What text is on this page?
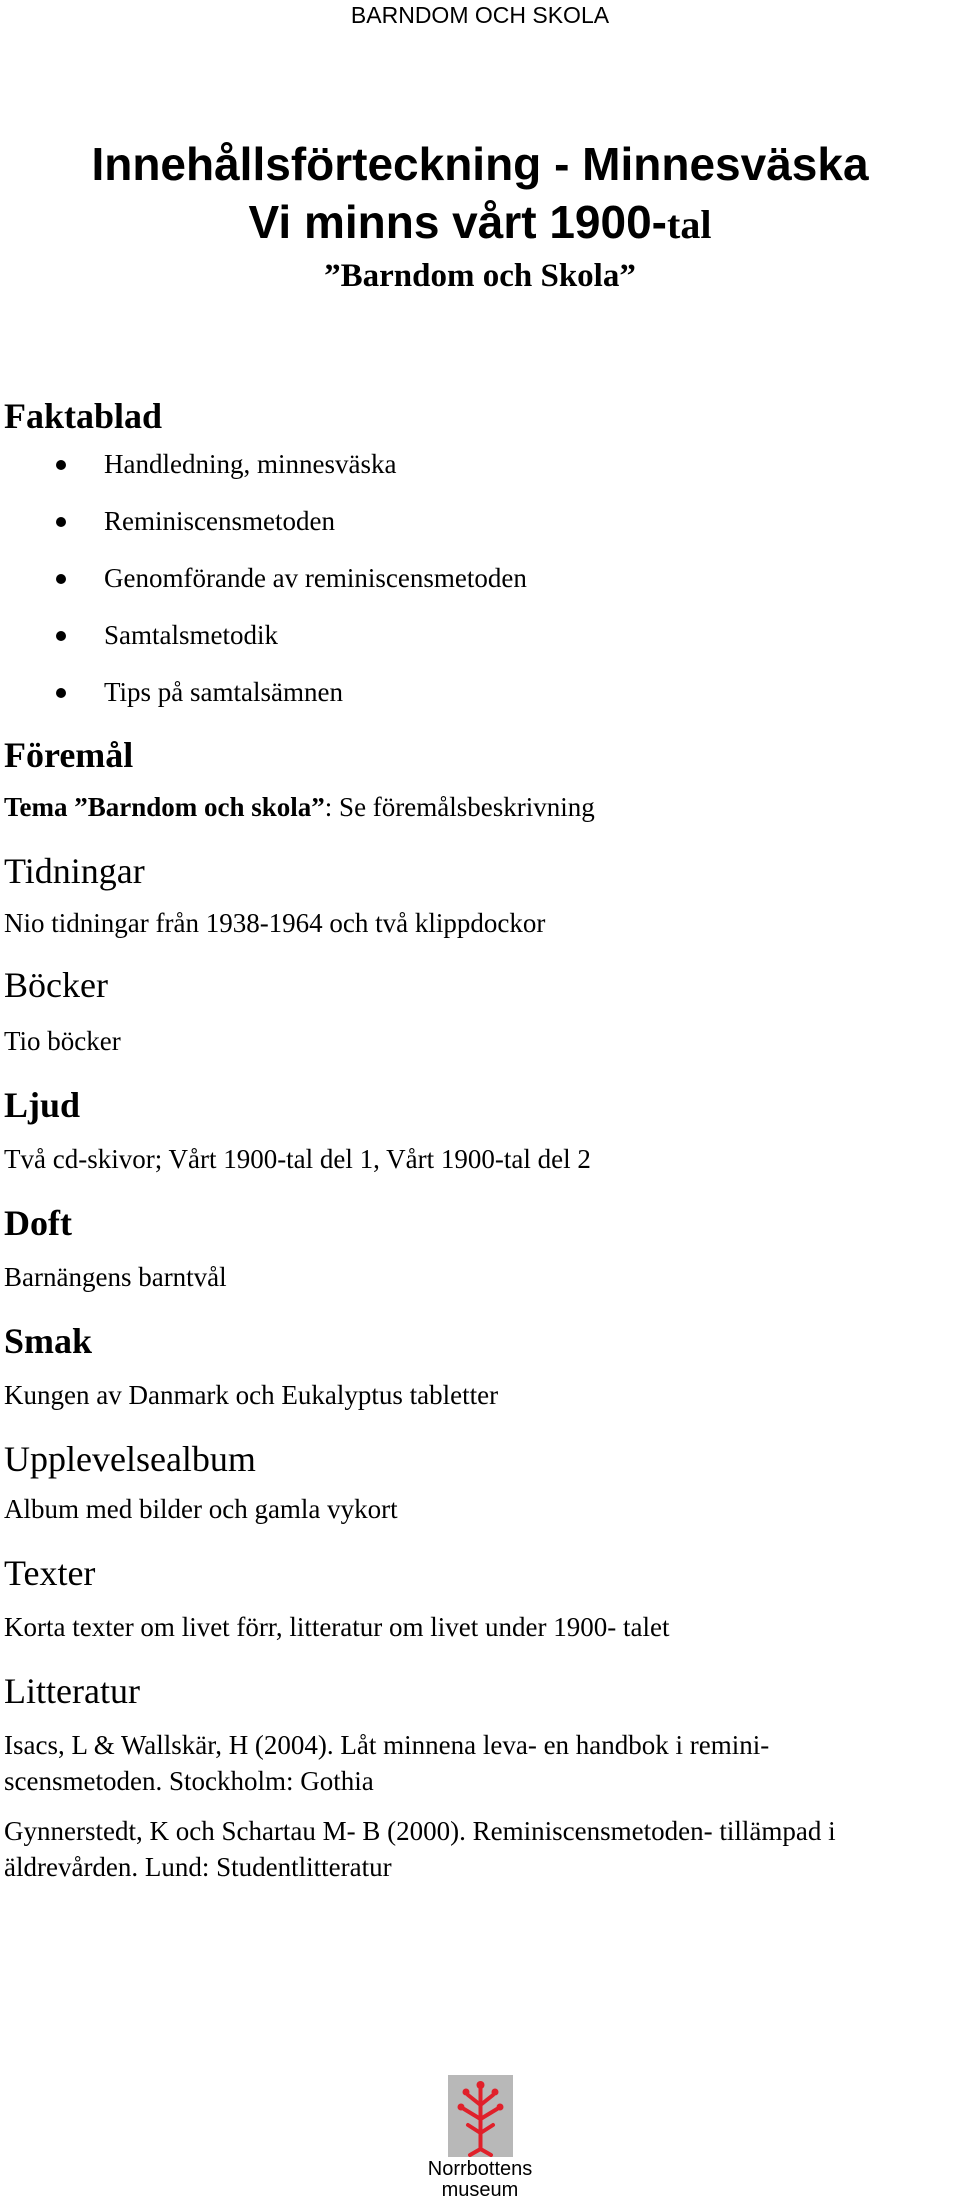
BARNDOM OCH SKOLA
Innehållsförteckning - Minnesväska
Vi minns vårt 1900-tal
”Barndom och Skola”
Faktablad
Handledning, minnesväska
Reminiscensmetoden
Genomförande av reminiscensmetoden
Samtalsmetodik
Tips på samtalsämnen
Föremål

Tema ”Barndom och skola”: Se föremålsbeskrivning

Tidningar

Nio tidningar från 1938-1964 och två klippdockor

Böcker

Tio böcker

Ljud

Två cd-skivor; Vårt 1900-tal del 1, Vårt 1900-tal del 2

Doft

Barnängens barntvål

Smak

Kungen av Danmark och Eukalyptus tabletter

Upplevelsealbum

Album med bilder och gamla vykort

Texter

Korta texter om livet förr, litteratur om livet under 1900- talet

Litteratur

Isacs, L & Wallskär, H (2004). Låt minnena leva- en handbok i remini-

scensmetoden. Stockholm: Gothia

Gynnerstedt, K och Schartau M- B (2000). Reminiscensmetoden- tillämpad i

äldrevården. Lund: Studentlitteratur

Norrbottens
museum
